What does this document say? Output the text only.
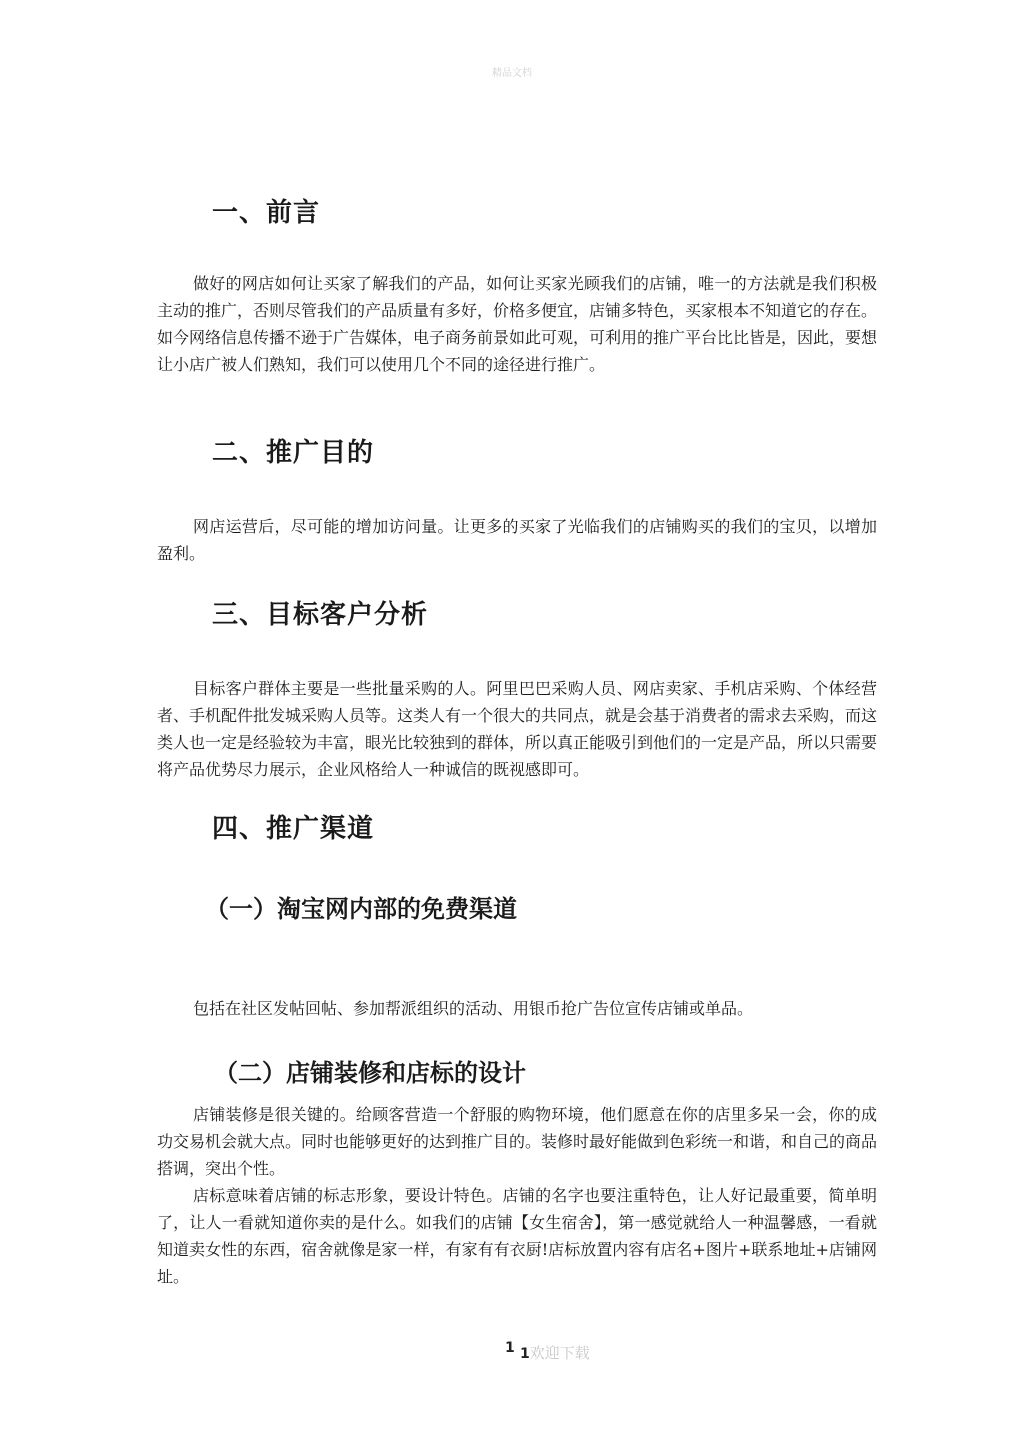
精品文档
一、前言
做好的网店如何让买家了解我们的产品，如何让买家光顾我们的店铺，唯一的方法就是我们积极主动的推广，否则尽管我们的产品质量有多好，价格多便宜，店铺多特色，买家根本不知道它的存在。如今网络信息传播不逊于广告媒体，电子商务前景如此可观，可利用的推广平台比比皆是，因此，要想让小店广被人们熟知，我们可以使用几个不同的途径进行推广。
二、推广目的
网店运营后，尽可能的增加访问量。让更多的买家了光临我们的店铺购买的我们的宝贝，以增加盈利。
三、目标客户分析
目标客户群体主要是一些批量采购的人。阿里巴巴采购人员、网店卖家、手机店采购、个体经营者、手机配件批发城采购人员等。这类人有一个很大的共同点，就是会基于消费者的需求去采购，而这类人也一定是经验较为丰富，眼光比较独到的群体，所以真正能吸引到他们的一定是产品，所以只需要将产品优势尽力展示，企业风格给人一种诚信的既视感即可。
四、推广渠道
（一）淘宝网内部的免费渠道
包括在社区发帖回帖、参加帮派组织的活动、用银币抢广告位宣传店铺或单品。
（二）店铺装修和店标的设计
店铺装修是很关键的。给顾客营造一个舒服的购物环境，他们愿意在你的店里多呆一会，你的成功交易机会就大点。同时也能够更好的达到推广目的。装修时最好能做到色彩统一和谐，和自己的商品搭调，突出个性。
店标意味着店铺的标志形象，要设计特色。店铺的名字也要注重特色，让人好记最重要，简单明了，让人一看就知道你卖的是什么。如我们的店铺【女生宿舍】，第一感觉就给人一种温馨感，一看就知道卖女性的东西，宿舍就像是家一样，有家有有衣厨!店标放置内容有店名+图片+联系地址+店铺网址。
1 1欢迎下载
